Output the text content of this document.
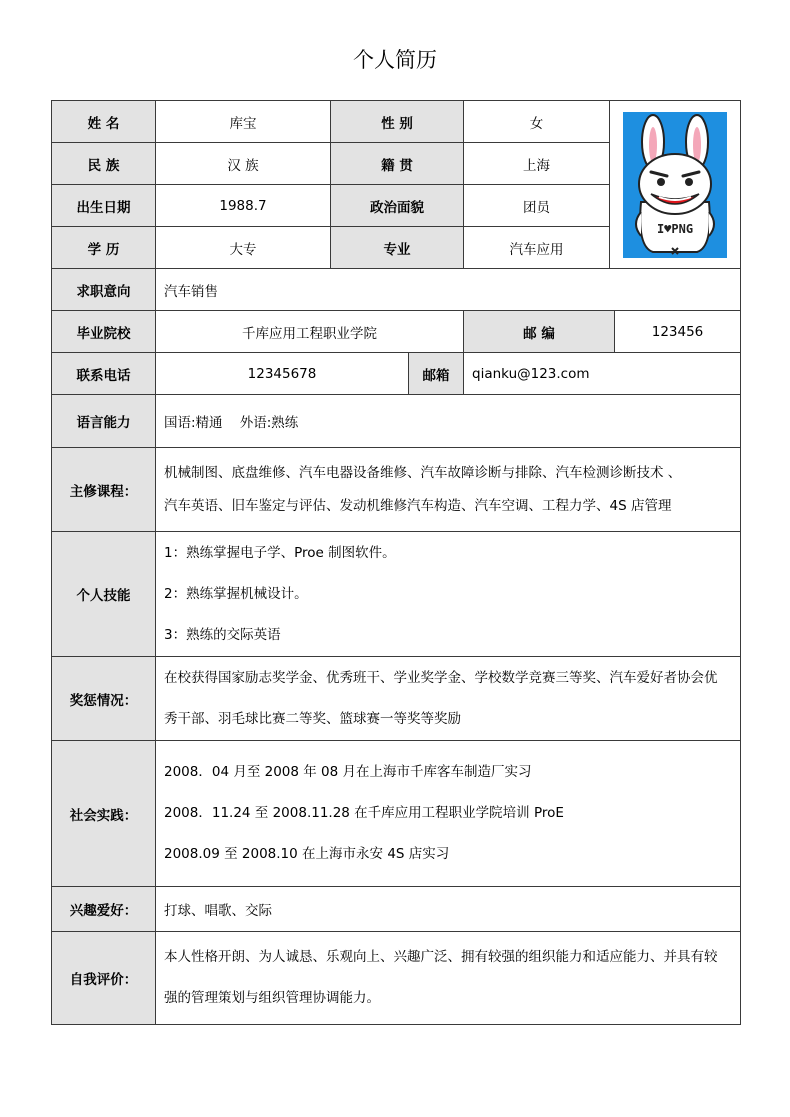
个人简历
姓 名	库宝	性 别		女	I♥PNG	

民 族	汉 族	籍 贯		上海		
出生日期	1988.7	政治面貌		团员		
学 历	大专	专业		汽车应用		
求职意向	汽车销售					
毕业院校	千库应用工程职业学院			邮 编		123456
联系电话	12345678		邮箱	qianku@123.com		
语言能力	国语:精通    外语:熟练					
主修课程：	机械制图、底盘维修、汽车电器设备维修、汽车故障诊断与排除、汽车检测诊断技术 、
汽车英语、旧车鉴定与评估、发动机维修汽车构造、汽车空调、工程力学、4S 店管理					

个人技能	1：熟练掌握电子学、Proe 制图软件。
2：熟练掌握机械设计。
3：熟练的交际英语					

奖惩情况：	在校获得国家励志奖学金、优秀班干、学业奖学金、学校数学竞赛三等奖、汽车爱好者协会优
秀干部、羽毛球比赛二等奖、篮球赛一等奖等奖励					

社会实践：	2008．04 月至 2008 年 08 月在上海市千库客车制造厂实习
2008．11.24 至 2008.11.28 在千库应用工程职业学院培训 ProE
2008.09 至 2008.10 在上海市永安 4S 店实习					

兴趣爱好：	打球、唱歌、交际					
自我评价：	本人性格开朗、为人诚恳、乐观向上、兴趣广泛、拥有较强的组织能力和适应能力、并具有较
强的管理策划与组织管理协调能力。					
